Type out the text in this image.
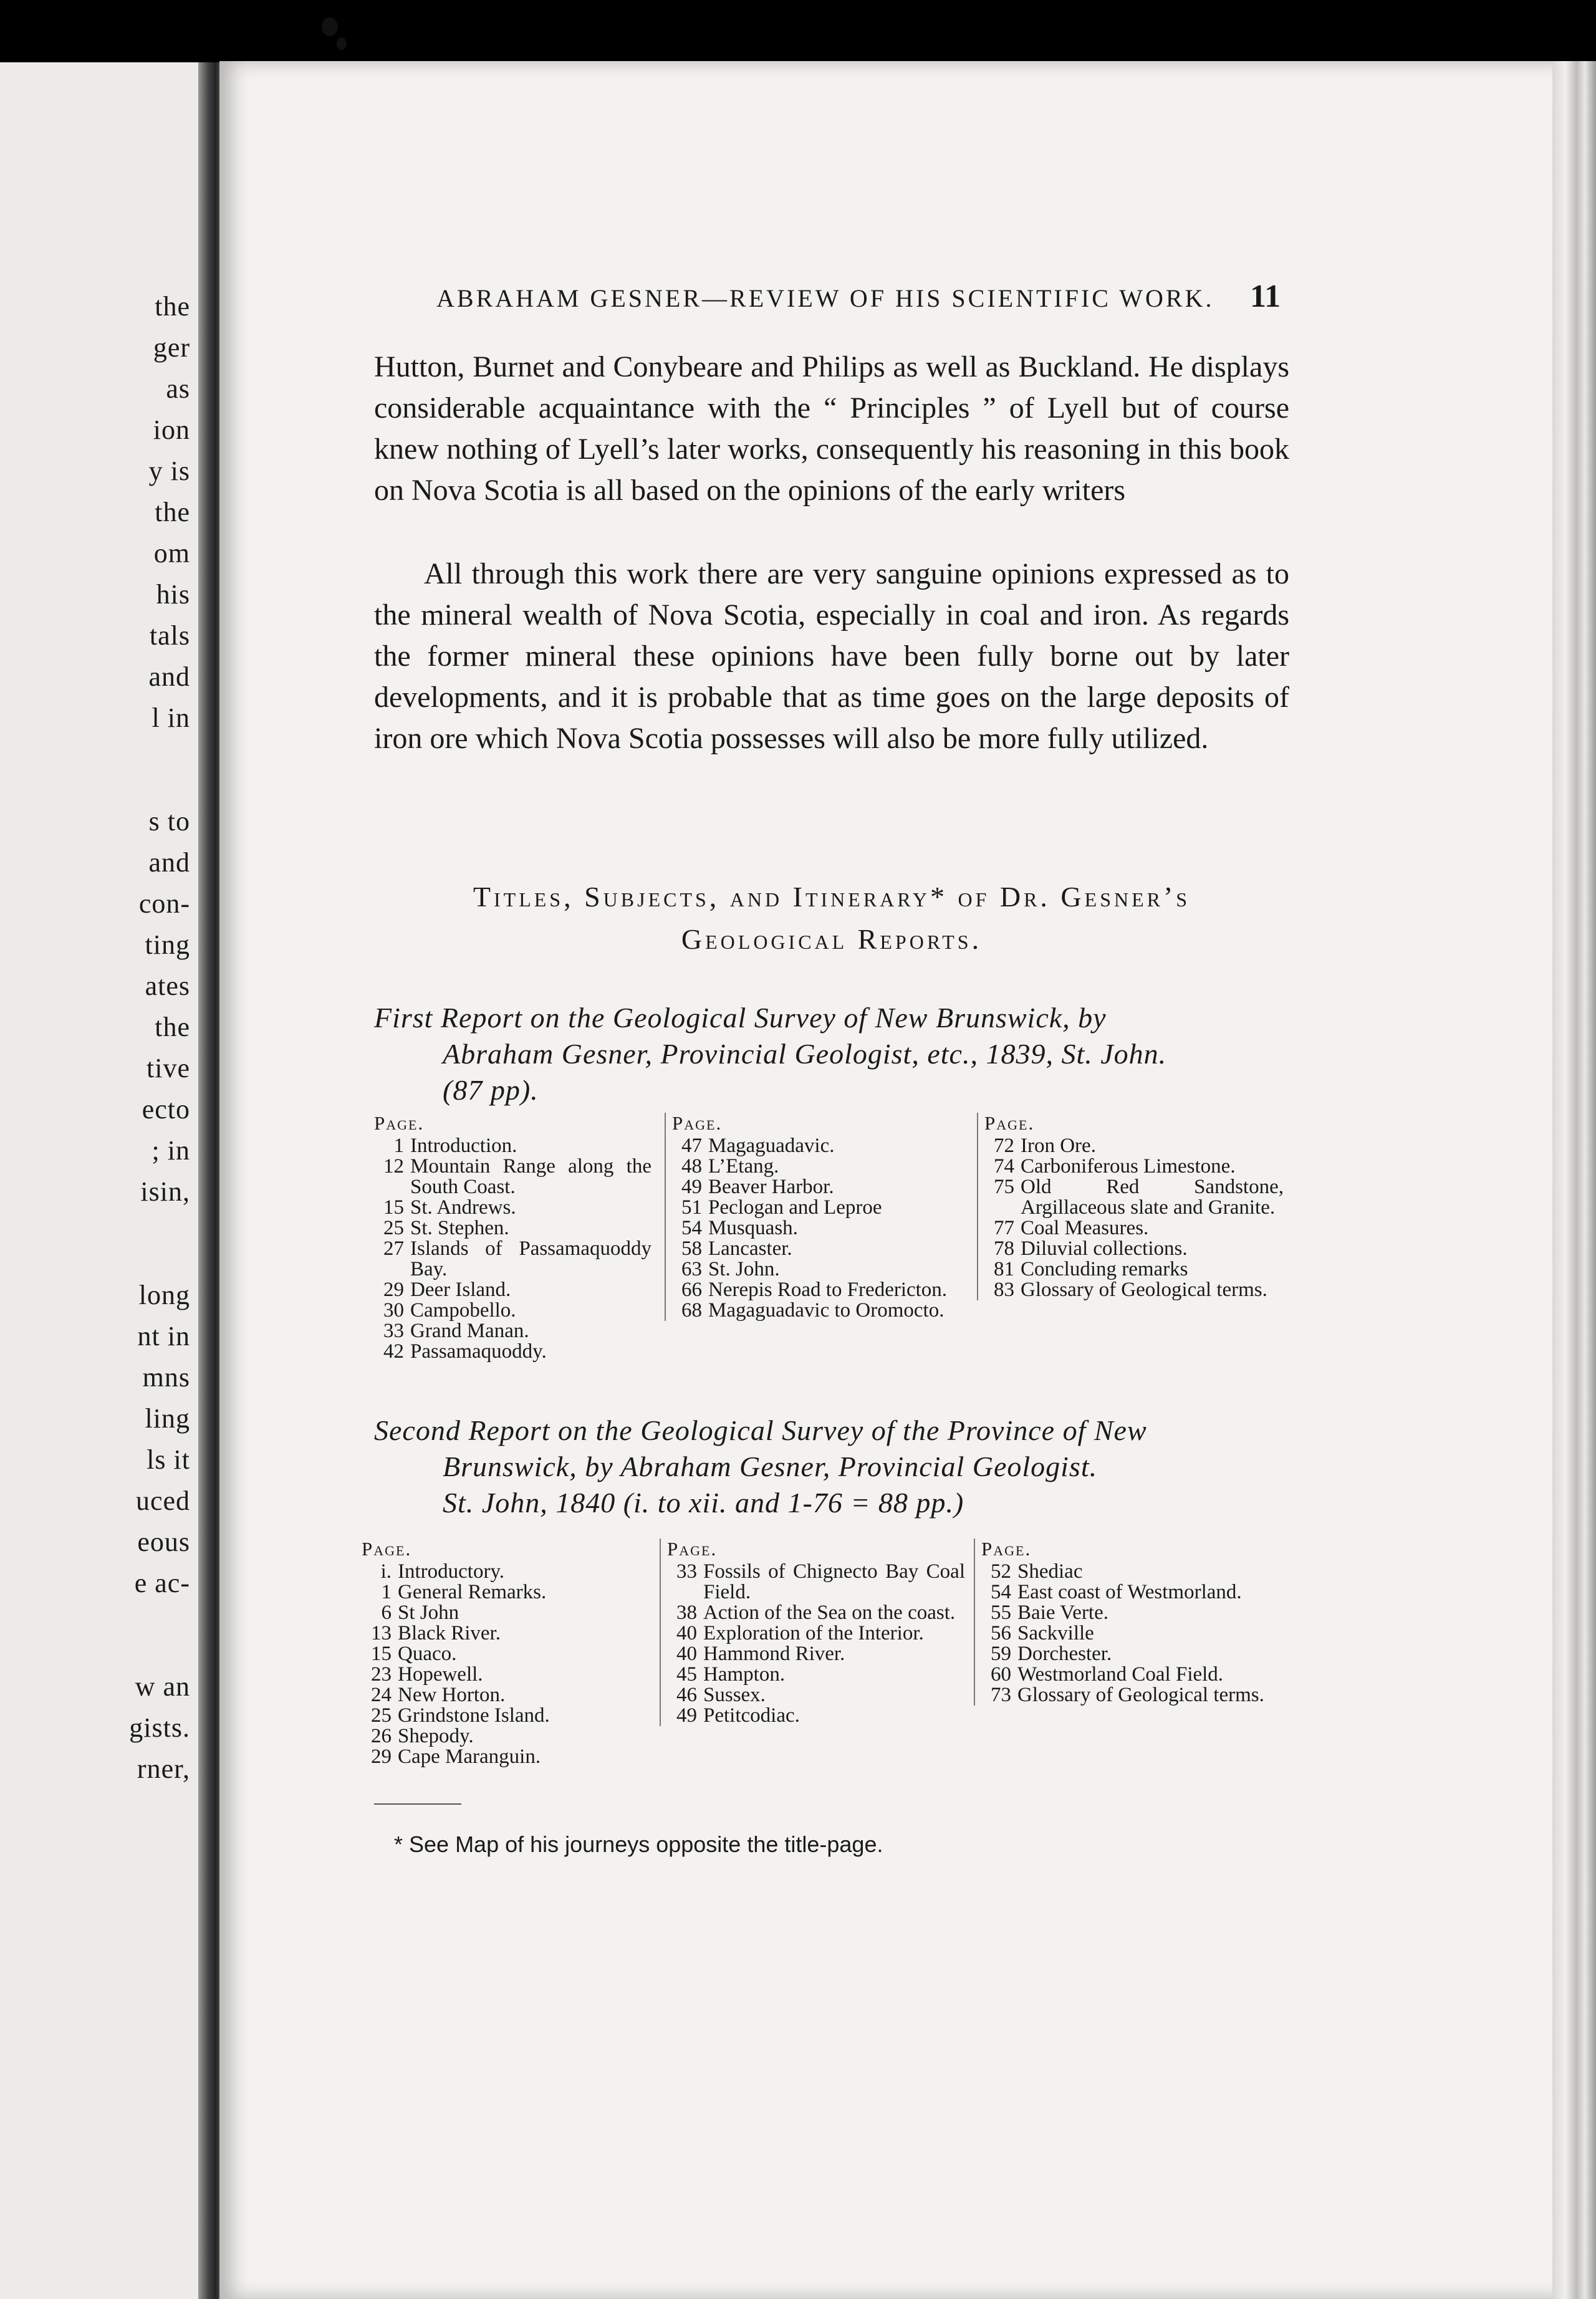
the
ger
as
ion
y is
the
om
his
tals
and
l in
s to
and
con-
ting
ates
the
tive
ecto
; in
isin,
long
nt in
mns
ling
ls it
uced
eous
e ac-
w an
gists.
rner,
ABRAHAM GESNER—REVIEW OF HIS SCIENTIFIC WORK.	11

Hutton, Burnet and Conybeare and Philips as well as Buckland. He displays considerable acquaintance with the “ Principles ” of Lyell but of course knew nothing of Lyell’s later works, consequently his reasoning in this book on Nova Scotia is all based on the opinions of the early writers

All through this work there are very sanguine opinions expressed as to the mineral wealth of Nova Scotia, especially in coal and iron. As regards the former mineral these opinions have been fully borne out by later developments, and it is probable that as time goes on the large deposits of iron ore which Nova Scotia possesses will also be more fully utilized.

Titles, Subjects, and Itinerary* of Dr. Gesner’s
Geological Reports.
First Report on the Geological Survey of New Brunswick, by
Abraham Gesner, Provincial Geologist, etc., 1839, St. John.
(87 pp).
Page.
1 Introduction.
12 Mountain Range along the South Coast.
15 St. Andrews.
25 St. Stephen.
27 Islands of Passamaquoddy Bay.
29 Deer Island.
30 Campobello.
33 Grand Manan.
42 Passamaquoddy.
Page.
47 Magaguadavic.
48 L’Etang.
49 Beaver Harbor.
51 Peclogan and Leproe
54 Musquash.
58 Lancaster.
63 St. John.
66 Nerepis Road to Fredericton.
68 Magaguadavic to Oromocto.
Page.
72 Iron Ore.
74 Carboniferous Limestone.
75 Old Red Sandstone, Argillaceous slate and Granite.
77 Coal Measures.
78 Diluvial collections.
81 Concluding remarks
83 Glossary of Geological terms.
Second Report on the Geological Survey of the Province of New
Brunswick, by Abraham Gesner, Provincial Geologist.
St. John, 1840 (i. to xii. and 1-76 = 88 pp.)
Page.
i. Introductory.
1 General Remarks.
6 St John
13 Black River.
15 Quaco.
23 Hopewell.
24 New Horton.
25 Grindstone Island.
26 Shepody.
29 Cape Maranguin.
Page.
33 Fossils of Chignecto Bay Coal Field.
38 Action of the Sea on the coast.
40 Exploration of the Interior.
40 Hammond River.
45 Hampton.
46 Sussex.
49 Petitcodiac.
Page.
52 Shediac
54 East coast of Westmorland.
55 Baie Verte.
56 Sackville
59 Dorchester.
60 Westmorland Coal Field.
73 Glossary of Geological terms.
* See Map of his journeys opposite the title-page.
